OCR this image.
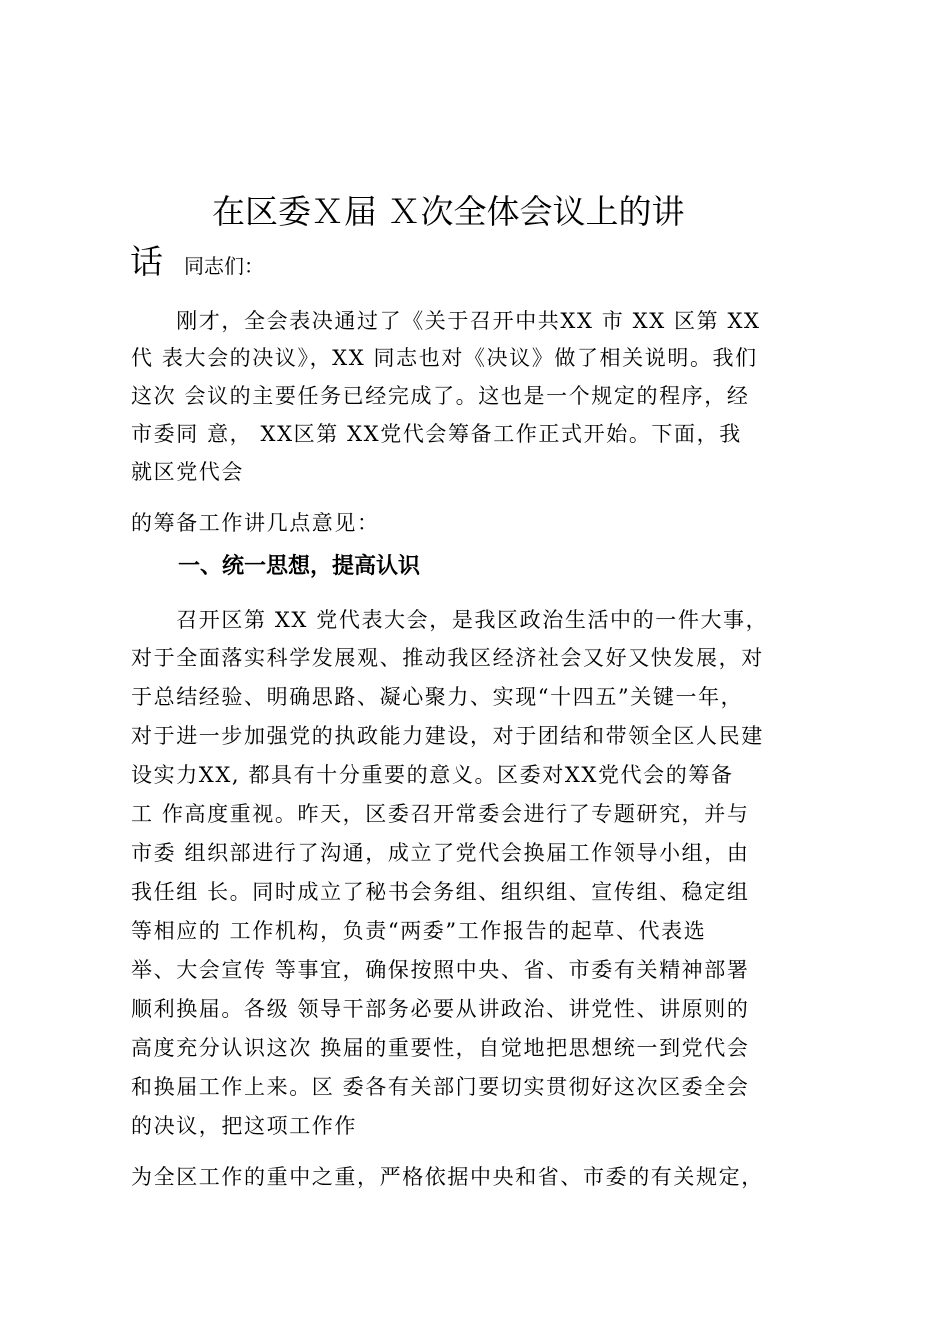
在区委Ｘ届 Ｘ次全体会议上的讲
话 同志们：
　　刚才，全会表决通过了《关于召开中共XX 市 XX 区第 XX
代 表大会的决议》，XX 同志也对《决议》做了相关说明。我们
这次 会议的主要任务已经完成了。这也是一个规定的程序，经
市委同 意， XX区第 XX党代会筹备工作正式开始。下面，我
就区党代会
的筹备工作讲几点意见：
一、统一思想，提高认识
　　召开区第 XX 党代表大会，是我区政治生活中的一件大事，
对于全面落实科学发展观、推动我区经济社会又好又快发展，对
于总结经验、明确思路、凝心聚力、实现“十四五”关键一年，
对于进一步加强党的执政能力建设，对于团结和带领全区人民建
设实力XX, 都具有十分重要的意义。区委对XX党代会的筹备
工 作高度重视。昨天，区委召开常委会进行了专题研究，并与
市委 组织部进行了沟通，成立了党代会换届工作领导小组，由
我任组 长。同时成立了秘书会务组、组织组、宣传组、稳定组
等相应的 工作机构，负责“两委”工作报告的起草、代表选
举、大会宣传 等事宜，确保按照中央、省、市委有关精神部署
顺利换届。各级 领导干部务必要从讲政治、讲党性、讲原则的
高度充分认识这次 换届的重要性，自觉地把思想统一到党代会
和换届工作上来。区 委各有关部门要切实贯彻好这次区委全会
的决议，把这项工作作
为全区工作的重中之重，严格依据中央和省、市委的有关规定，
